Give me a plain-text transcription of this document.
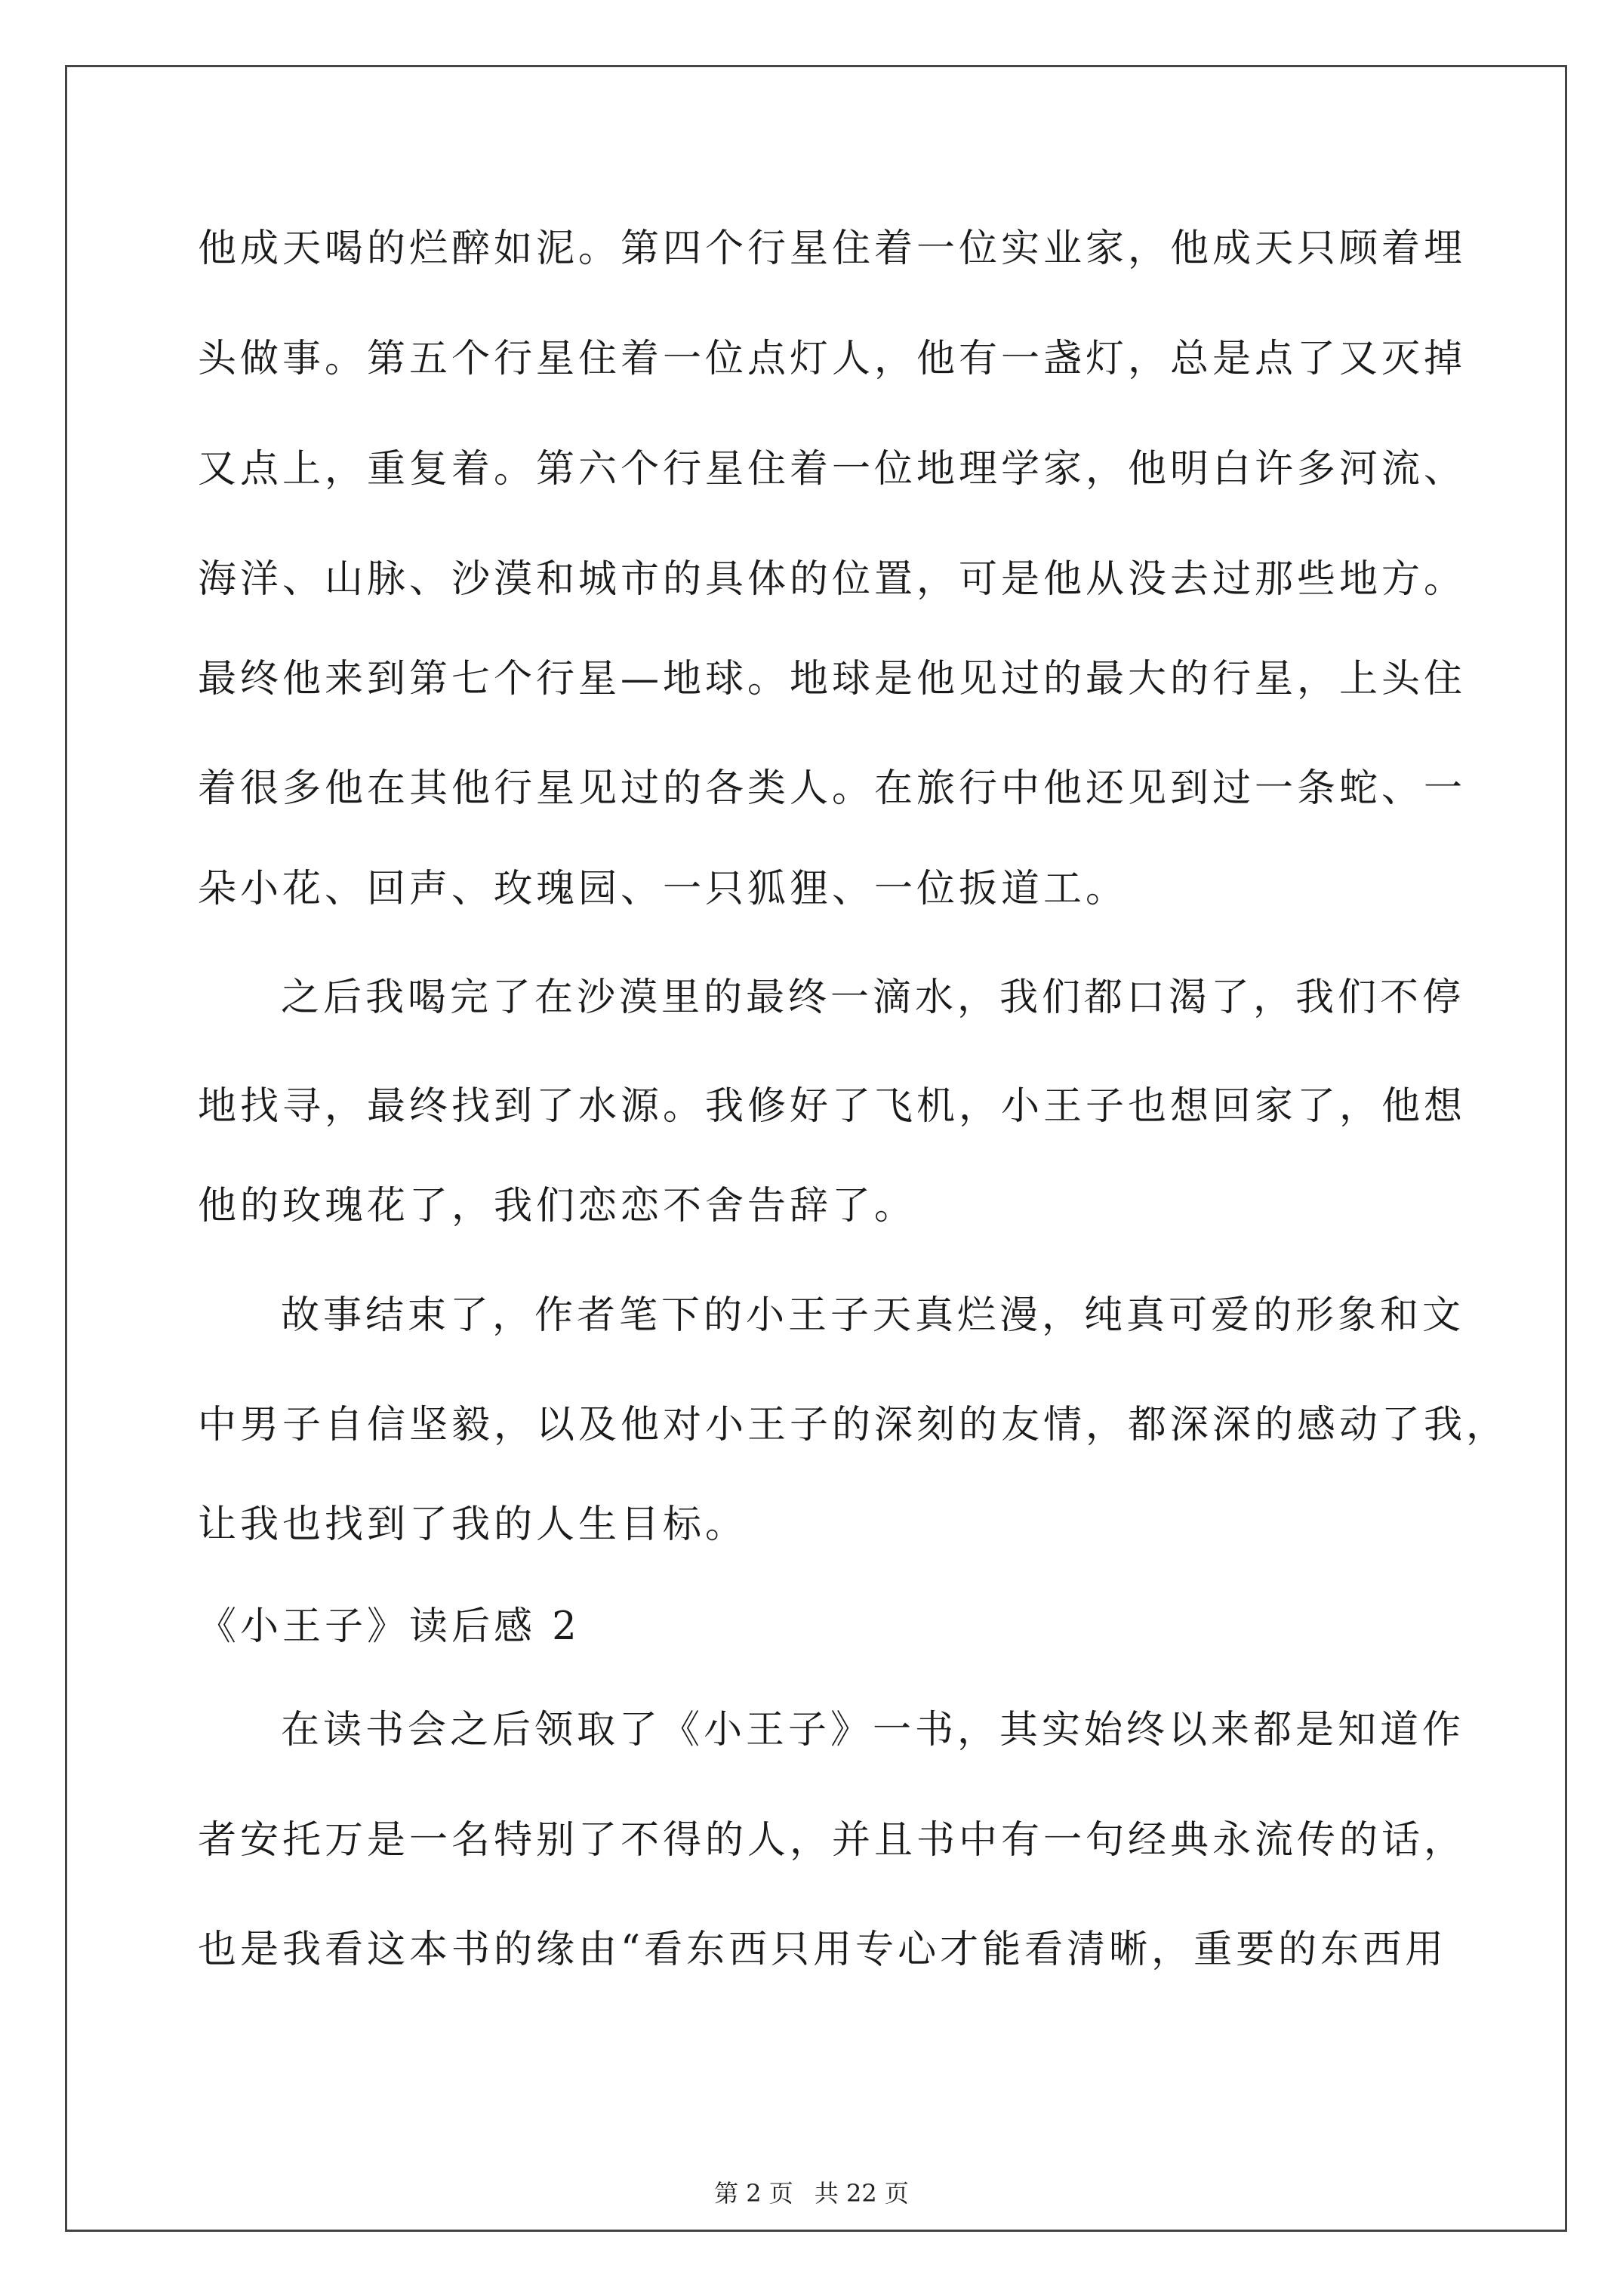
他成天喝的烂醉如泥。第四个行星住着一位实业家，他成天只顾着埋

头做事。第五个行星住着一位点灯人，他有一盏灯，总是点了又灭掉

又点上，重复着。第六个行星住着一位地理学家，他明白许多河流、

海洋、山脉、沙漠和城市的具体的位置，可是他从没去过那些地方。

最终他来到第七个行星—地球。地球是他见过的最大的行星，上头住

着很多他在其他行星见过的各类人。在旅行中他还见到过一条蛇、一

朵小花、回声、玫瑰园、一只狐狸、一位扳道工。

之后我喝完了在沙漠里的最终一滴水，我们都口渴了，我们不停

地找寻，最终找到了水源。我修好了飞机，小王子也想回家了，他想

他的玫瑰花了，我们恋恋不舍告辞了。

故事结束了，作者笔下的小王子天真烂漫，纯真可爱的形象和文

中男子自信坚毅，以及他对小王子的深刻的友情，都深深的感动了我，

让我也找到了我的人生目标。

《小王子》读后感 2

在读书会之后领取了《小王子》一书，其实始终以来都是知道作

者安托万是一名特别了不得的人，并且书中有一句经典永流传的话，

也是我看这本书的缘由“看东西只用专心才能看清晰，重要的东西用

第 2 页 共 22 页
